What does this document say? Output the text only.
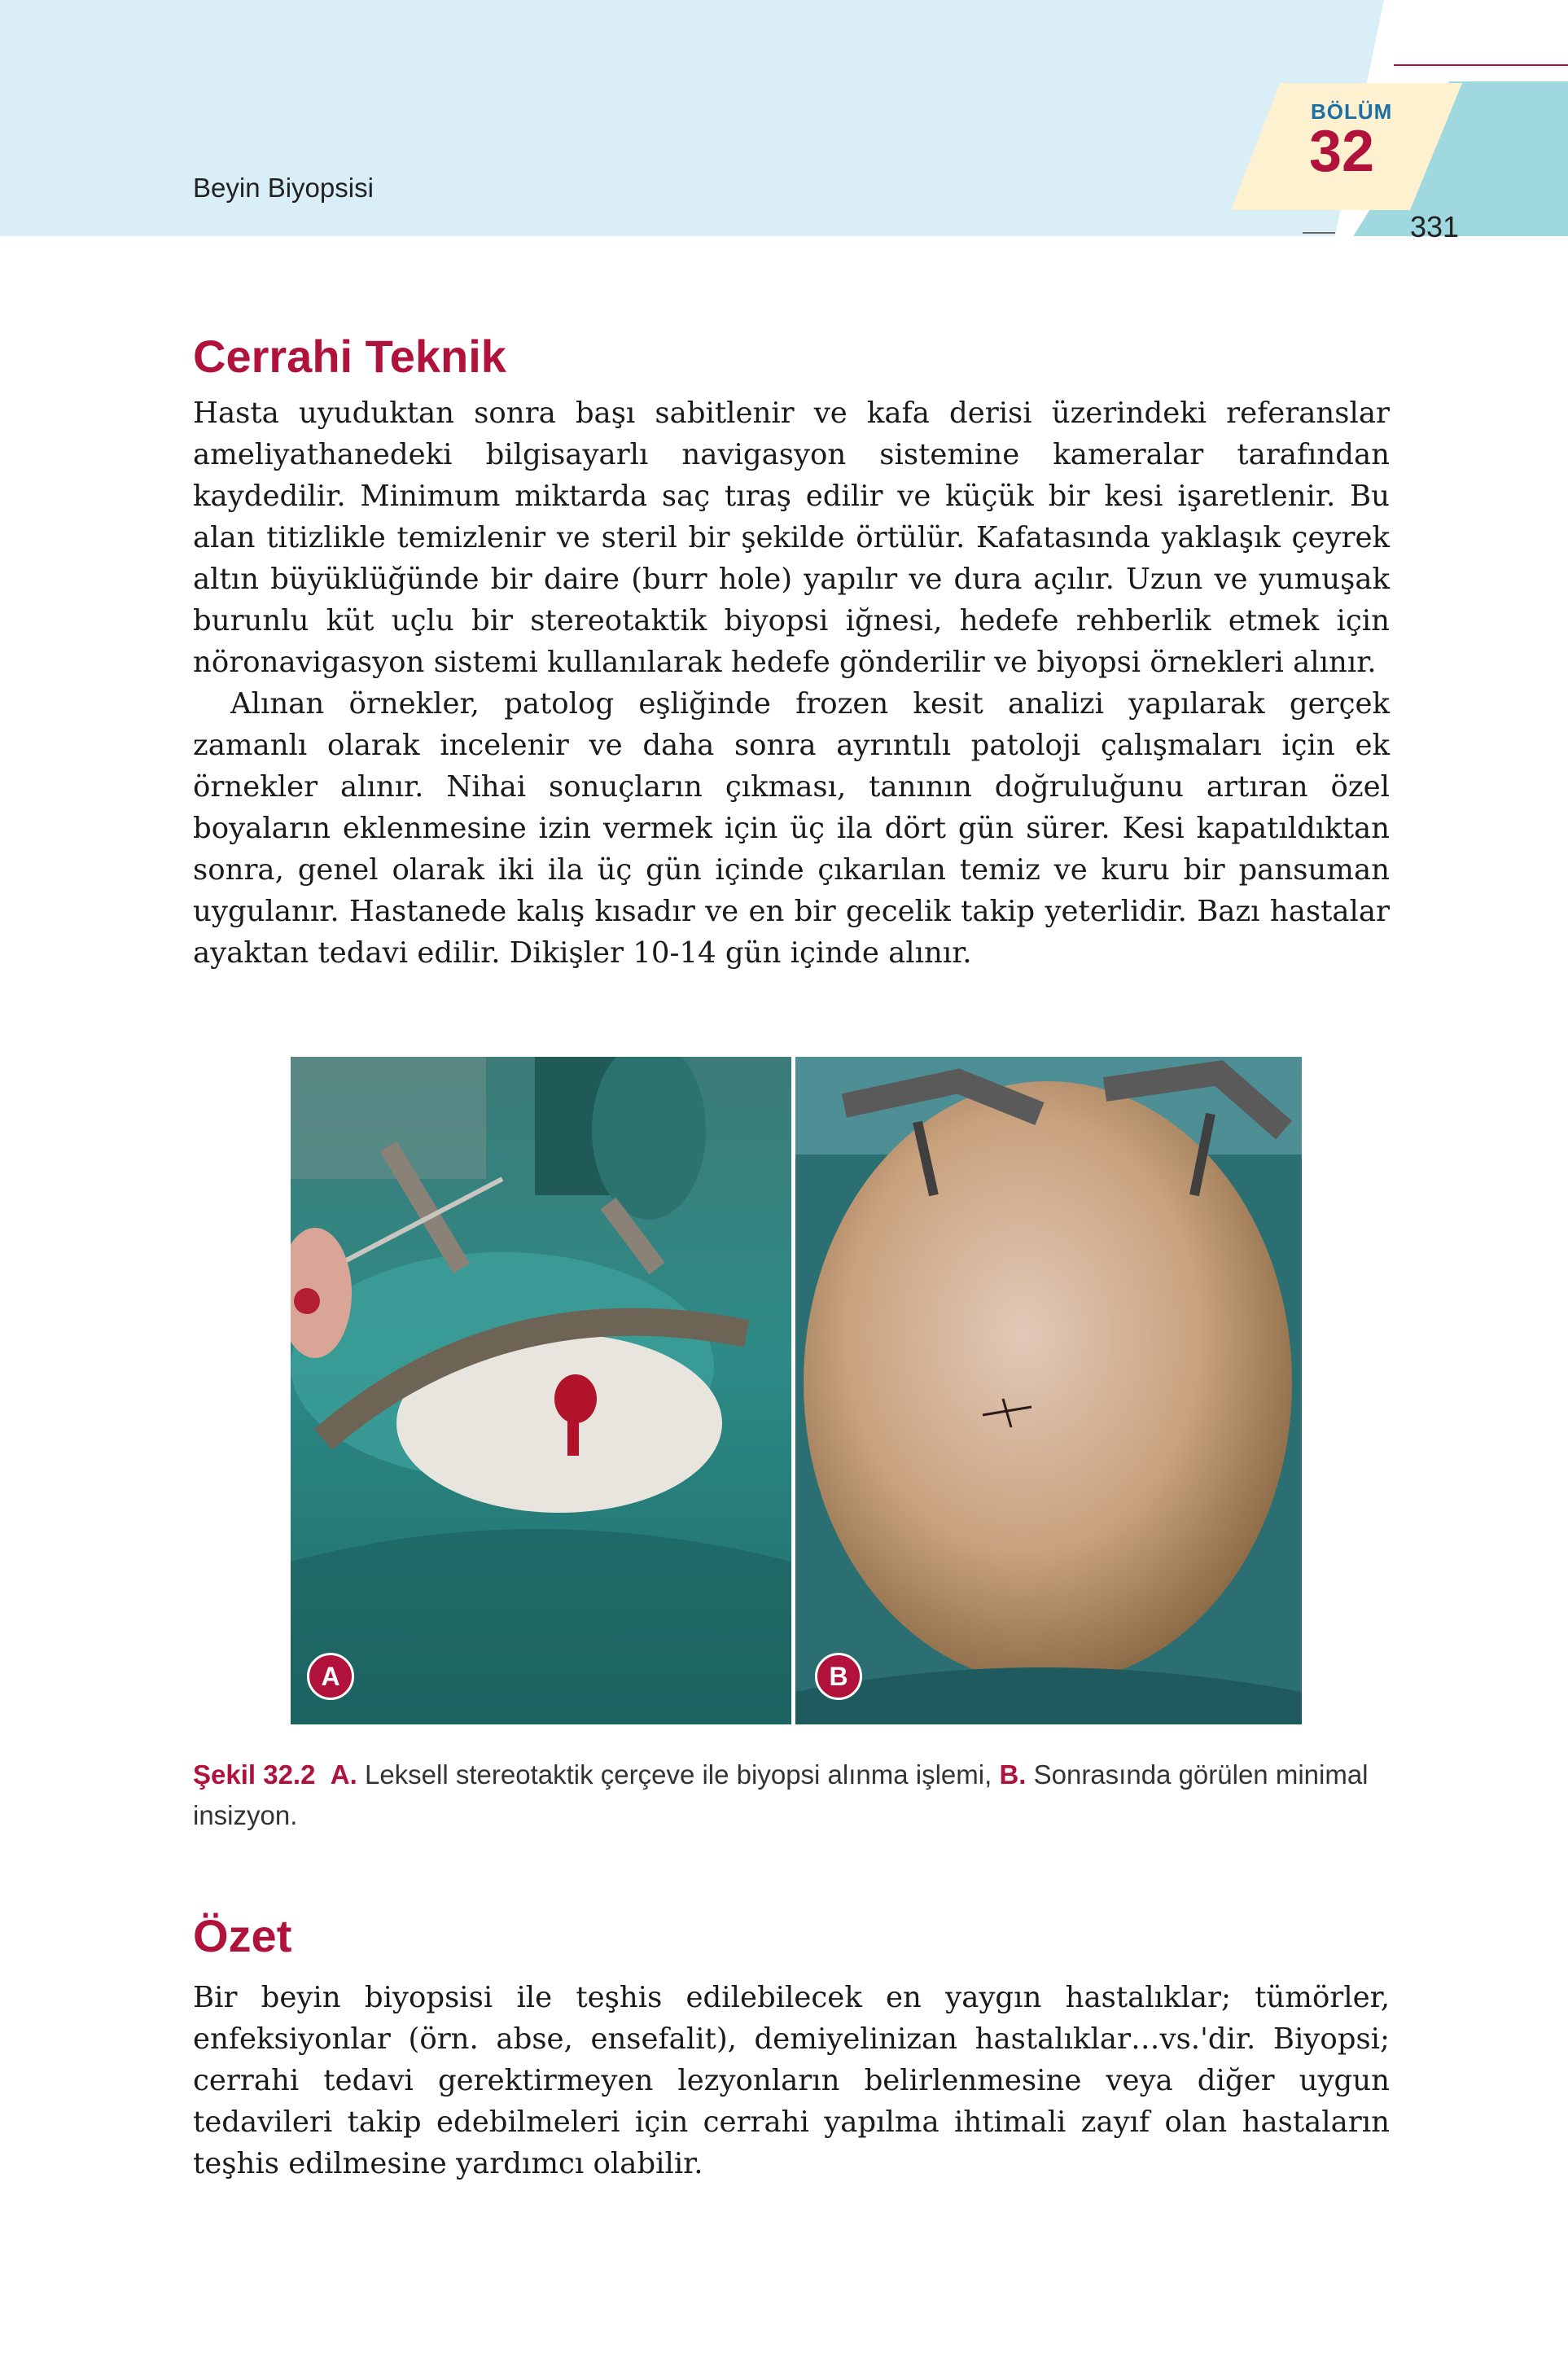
Beyin Biyopsisi
BÖLÜM
32
331
Cerrahi Teknik

Hasta uyuduktan sonra başı sabitlenir ve kafa derisi üzerindeki referanslar ameliyathanedeki bilgisayarlı navigasyon sistemine kameralar tarafından kaydedilir. Minimum miktarda saç tıraş edilir ve küçük bir kesi işaretlenir. Bu alan titizlikle temizlenir ve steril bir şekilde örtülür. Kafatasında yaklaşık çeyrek altın büyüklüğünde bir daire (burr hole) yapılır ve dura açılır. Uzun ve yumuşak burunlu küt uçlu bir stereotaktik biyopsi iğnesi, hedefe rehberlik etmek için nöronavigasyon sistemi kullanılarak hedefe gönderilir ve biyopsi örnekleri alınır.

Alınan örnekler, patolog eşliğinde frozen kesit analizi yapılarak gerçek zamanlı olarak incelenir ve daha sonra ayrıntılı patoloji çalışmaları için ek örnekler alınır. Nihai sonuçların çıkması, tanının doğruluğunu artıran özel boyaların eklenmesine izin vermek için üç ila dört gün sürer. Kesi kapatıldıktan sonra, genel olarak iki ila üç gün içinde çıkarılan temiz ve kuru bir pansuman uygulanır. Hastanede kalış kısadır ve en bir gecelik takip yeterlidir. Bazı hastalar ayaktan tedavi edilir. Dikişler 10-14 gün içinde alınır.

A	B

Şekil 32.2 A. Leksell stereotaktik çerçeve ile biyopsi alınma işlemi, B. Sonrasında görülen minimal insizyon.

Özet

Bir beyin biyopsisi ile teşhis edilebilecek en yaygın hastalıklar; tümörler, enfeksiyonlar (örn. abse, ensefalit), demiyelinizan hastalıklar…vs.'dir. Biyopsi; cerrahi tedavi gerektirmeyen lezyonların belirlenmesine veya diğer uygun tedavileri takip edebilmeleri için cerrahi yapılma ihtimali zayıf olan hastaların teşhis edilmesine yardımcı olabilir.
